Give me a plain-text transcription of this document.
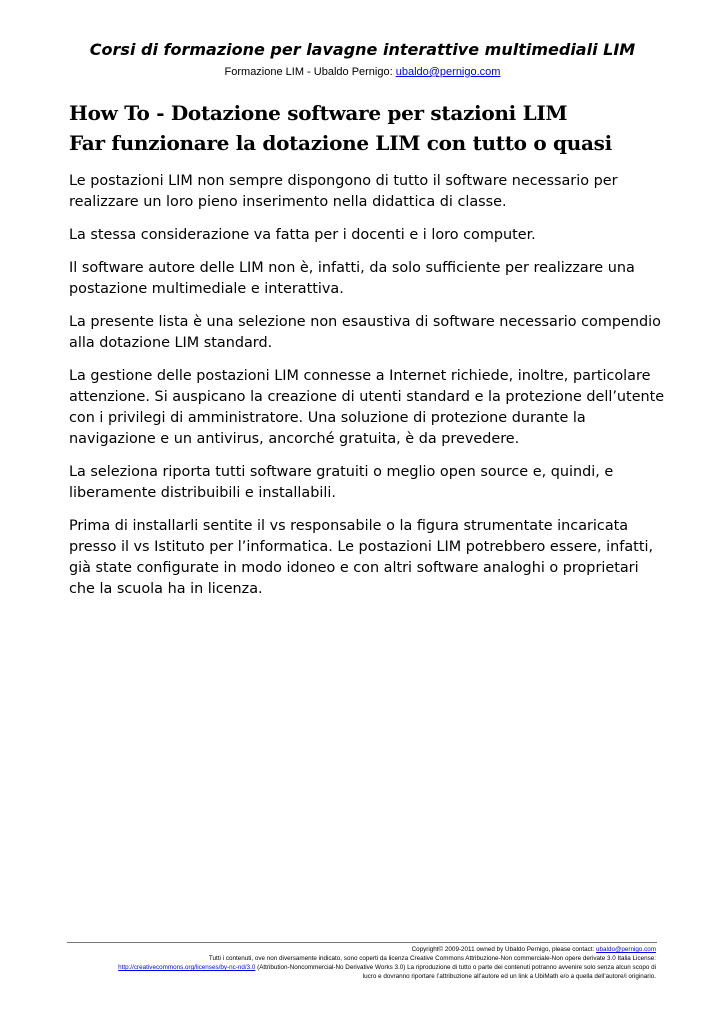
Corsi di formazione per lavagne interattive multimediali LIM
Formazione LIM - Ubaldo Pernigo: ubaldo@pernigo.com
How To - Dotazione software per stazioni LIM
Far funzionare la dotazione LIM con tutto o quasi

Le postazioni LIM non sempre dispongono di tutto il software necessario per realizzare un loro pieno inserimento nella didattica di classe.

La stessa considerazione va fatta per i docenti e i loro computer.

Il software autore delle LIM non è, infatti, da solo sufficiente per realizzare una postazione multimediale e interattiva.

La presente lista è una selezione non esaustiva di software necessario compendio alla dotazione LIM standard.

La gestione delle postazioni LIM connesse a Internet richiede, inoltre, particolare attenzione. Si auspicano la creazione di utenti standard e la protezione dell’utente con i privilegi di amministratore. Una soluzione di protezione durante la navigazione e un antivirus, ancorché gratuita, è da prevedere.

La seleziona riporta tutti software gratuiti o meglio open source e, quindi, e liberamente distribuibili e installabili.

Prima di installarli sentite il vs responsabile o la figura strumentate incaricata presso il vs Istituto per l’informatica. Le postazioni LIM potrebbero essere, infatti, già state configurate in modo idoneo e con altri software analoghi o proprietari che la scuola ha in licenza.

Copyright© 2009-2011 owned by Ubaldo Pernigo, please contact: ubaldo@pernigo.com
Tutti i contenuti, ove non diversamente indicato, sono coperti da licenza Creative Commons Attribuzione-Non commerciale-Non opere derivate 3.0 Italia License:
http://creativecommons.org/licenses/by-nc-nd/3.0 (Attribution-Noncommercial-No Derivative Works 3.0) La riproduzione di tutto o parte dei contenuti potranno avvenire solo senza alcun scopo di
lucro e dovranno riportare l’attribuzione all’autore ed un link a UbiMath e/o a quella dell’autore/i originario.
